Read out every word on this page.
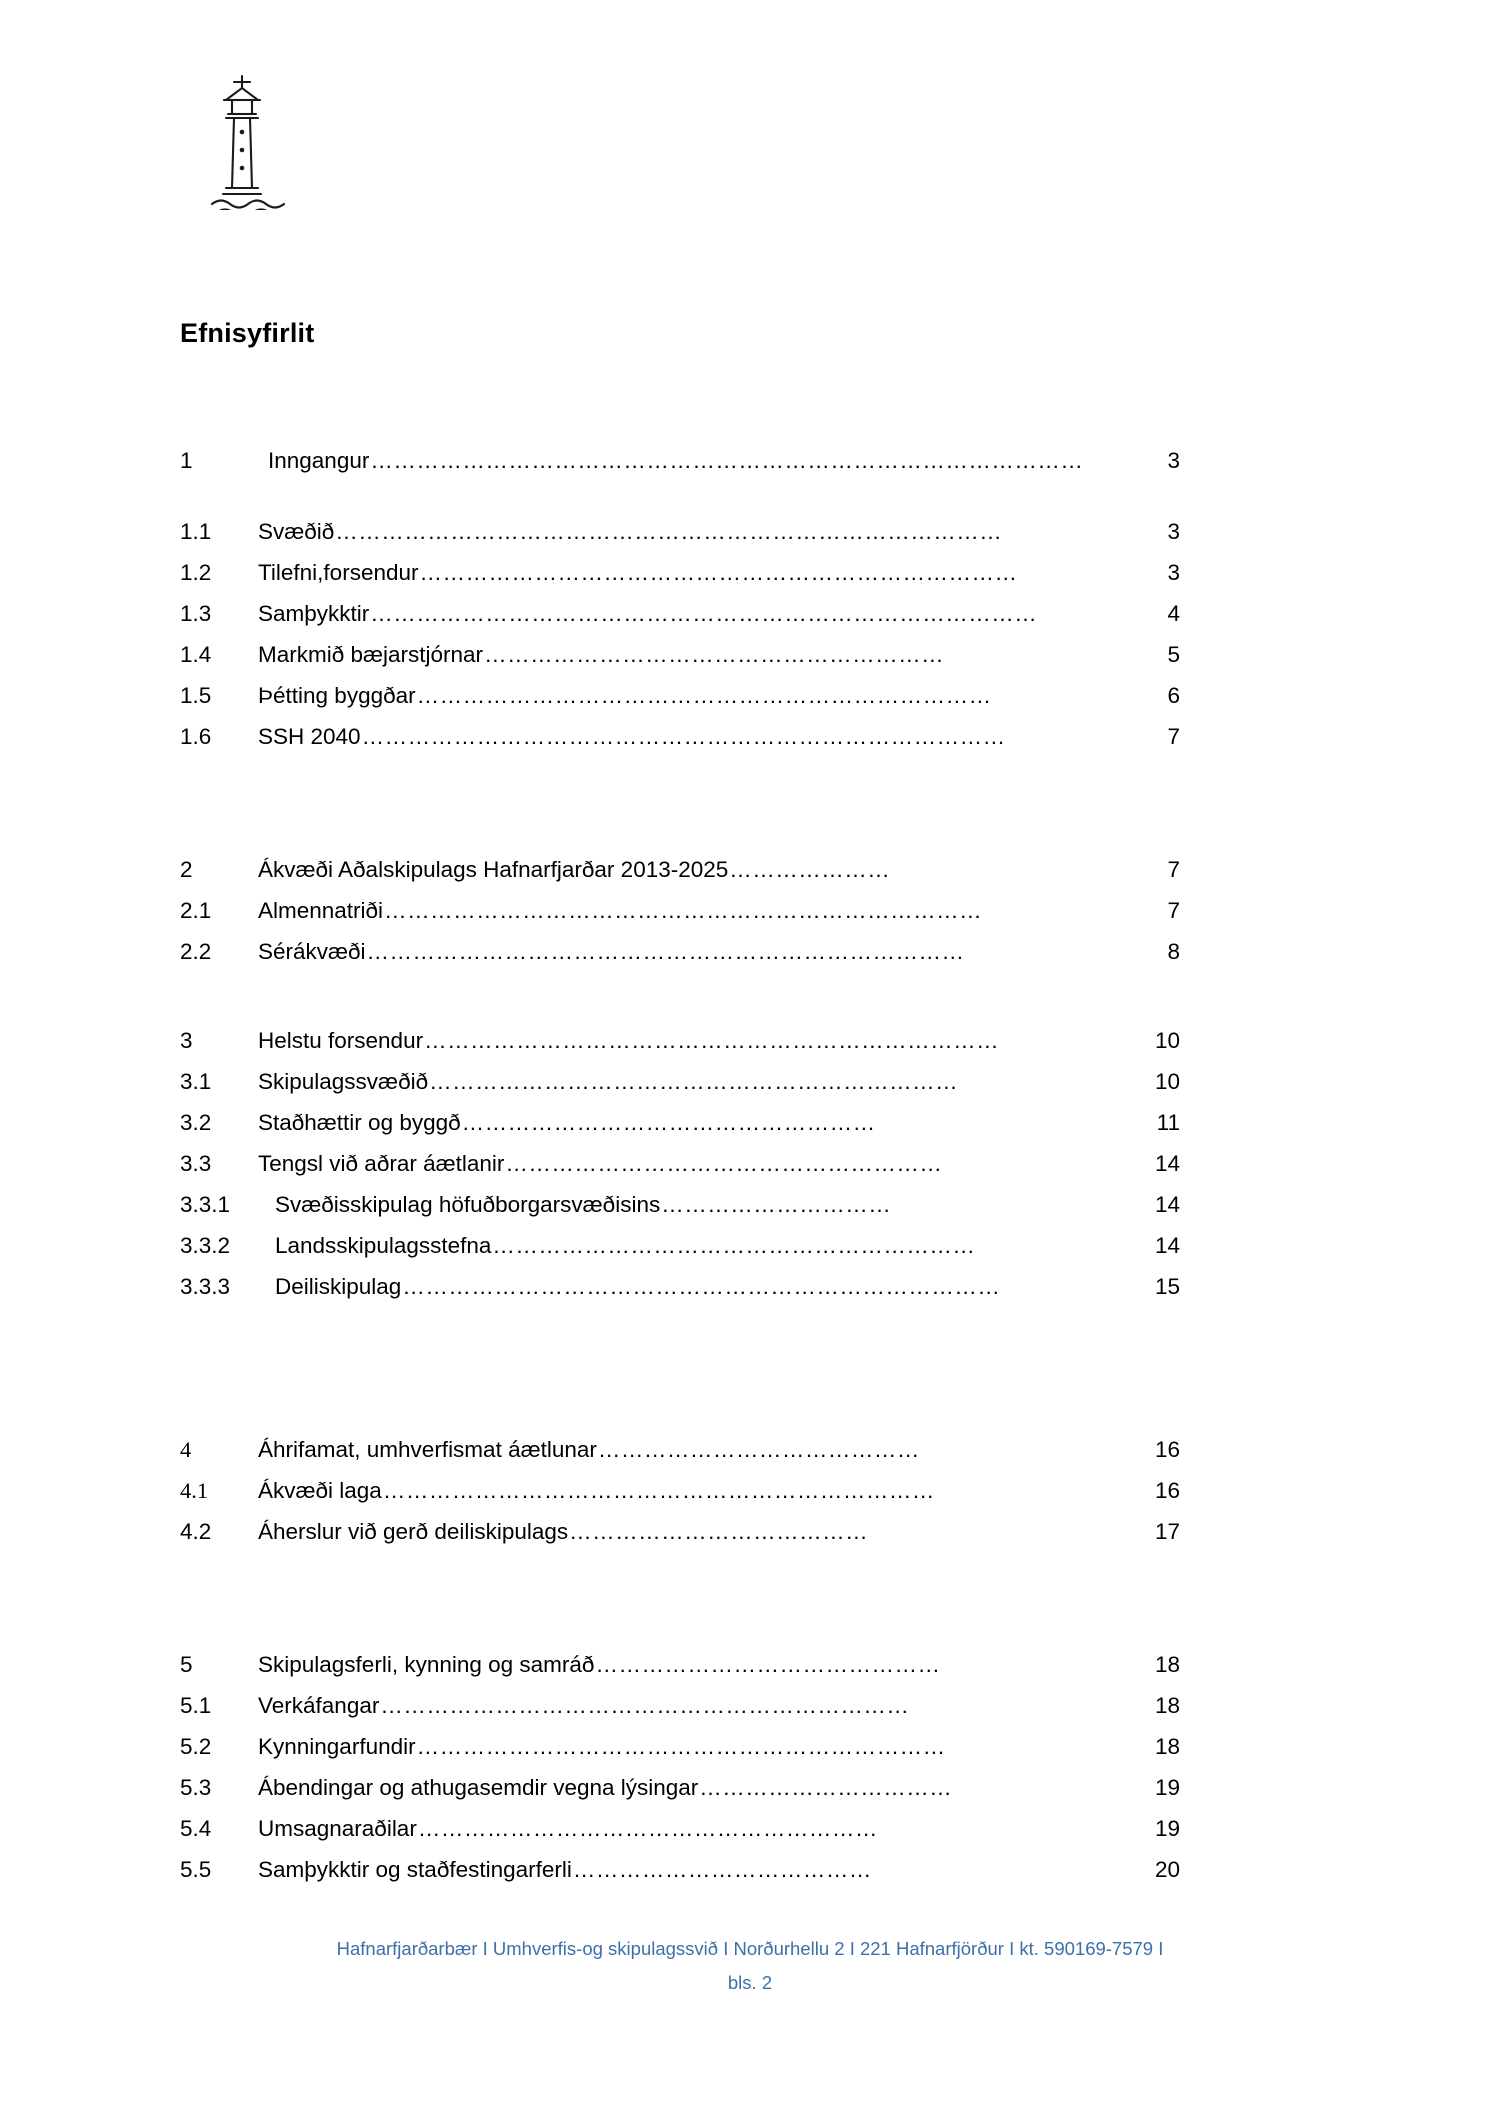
Efnisyfirlit
1	Inngangur …………………………………………………………………………………	3
1.1	Svæðið ……………………………………………………………………………	3
1.2	Tilefni,forsendur ……………………………………………………………………	3
1.3	Samþykktir ……………………………………………………………………………	4
1.4	Markmið bæjarstjórnar ……………………………………………………	5
1.5	Þétting byggðar …………………………………………………………………	6
1.6	SSH 2040 …………………………………………………………………………	7
2	Ákvæði Aðalskipulags Hafnarfjarðar 2013-2025 …………………	7
2.1	Almennatriði ……………………………………………………………………	7
2.2	Sérákvæði ……………………………………………………………………	8
3	Helstu forsendur …………………………………………………………………	10
3.1	Skipulagssvæðið ……………………………………………………………	10
3.2	Staðhættir og byggð ………………………………………………	11
3.3	Tengsl við aðrar áætlanir …………………………………………………	14
3.3.1	Svæðisskipulag höfuðborgarsvæðisins …………………………	14
3.3.2	Landsskipulagsstefna ………………………………………………………	14
3.3.3	Deiliskipulag ……………………………………………………………………	15
4	Áhrifamat, umhverfismat áætlunar ……………………………………	16
4.1	Ákvæði laga ………………………………………………………………	16
4.2	Áherslur við gerð deiliskipulags …………………………………	17
5	Skipulagsferli, kynning og samráð ………………………………………	18
5.1	Verkáfangar ……………………………………………………………	18
5.2	Kynningarfundir ……………………………………………………………	18
5.3	Ábendingar og athugasemdir vegna lýsingar ……………………………	19
5.4	Umsagnaraðilar ……………………………………………………	19
5.5	Samþykktir og staðfestingarferli …………………………………	20
Hafnarfjarðarbær I Umhverfis-og skipulagssvið I Norðurhellu 2 I 221 Hafnarfjörður I kt. 590169-7579 I
bls. 2
